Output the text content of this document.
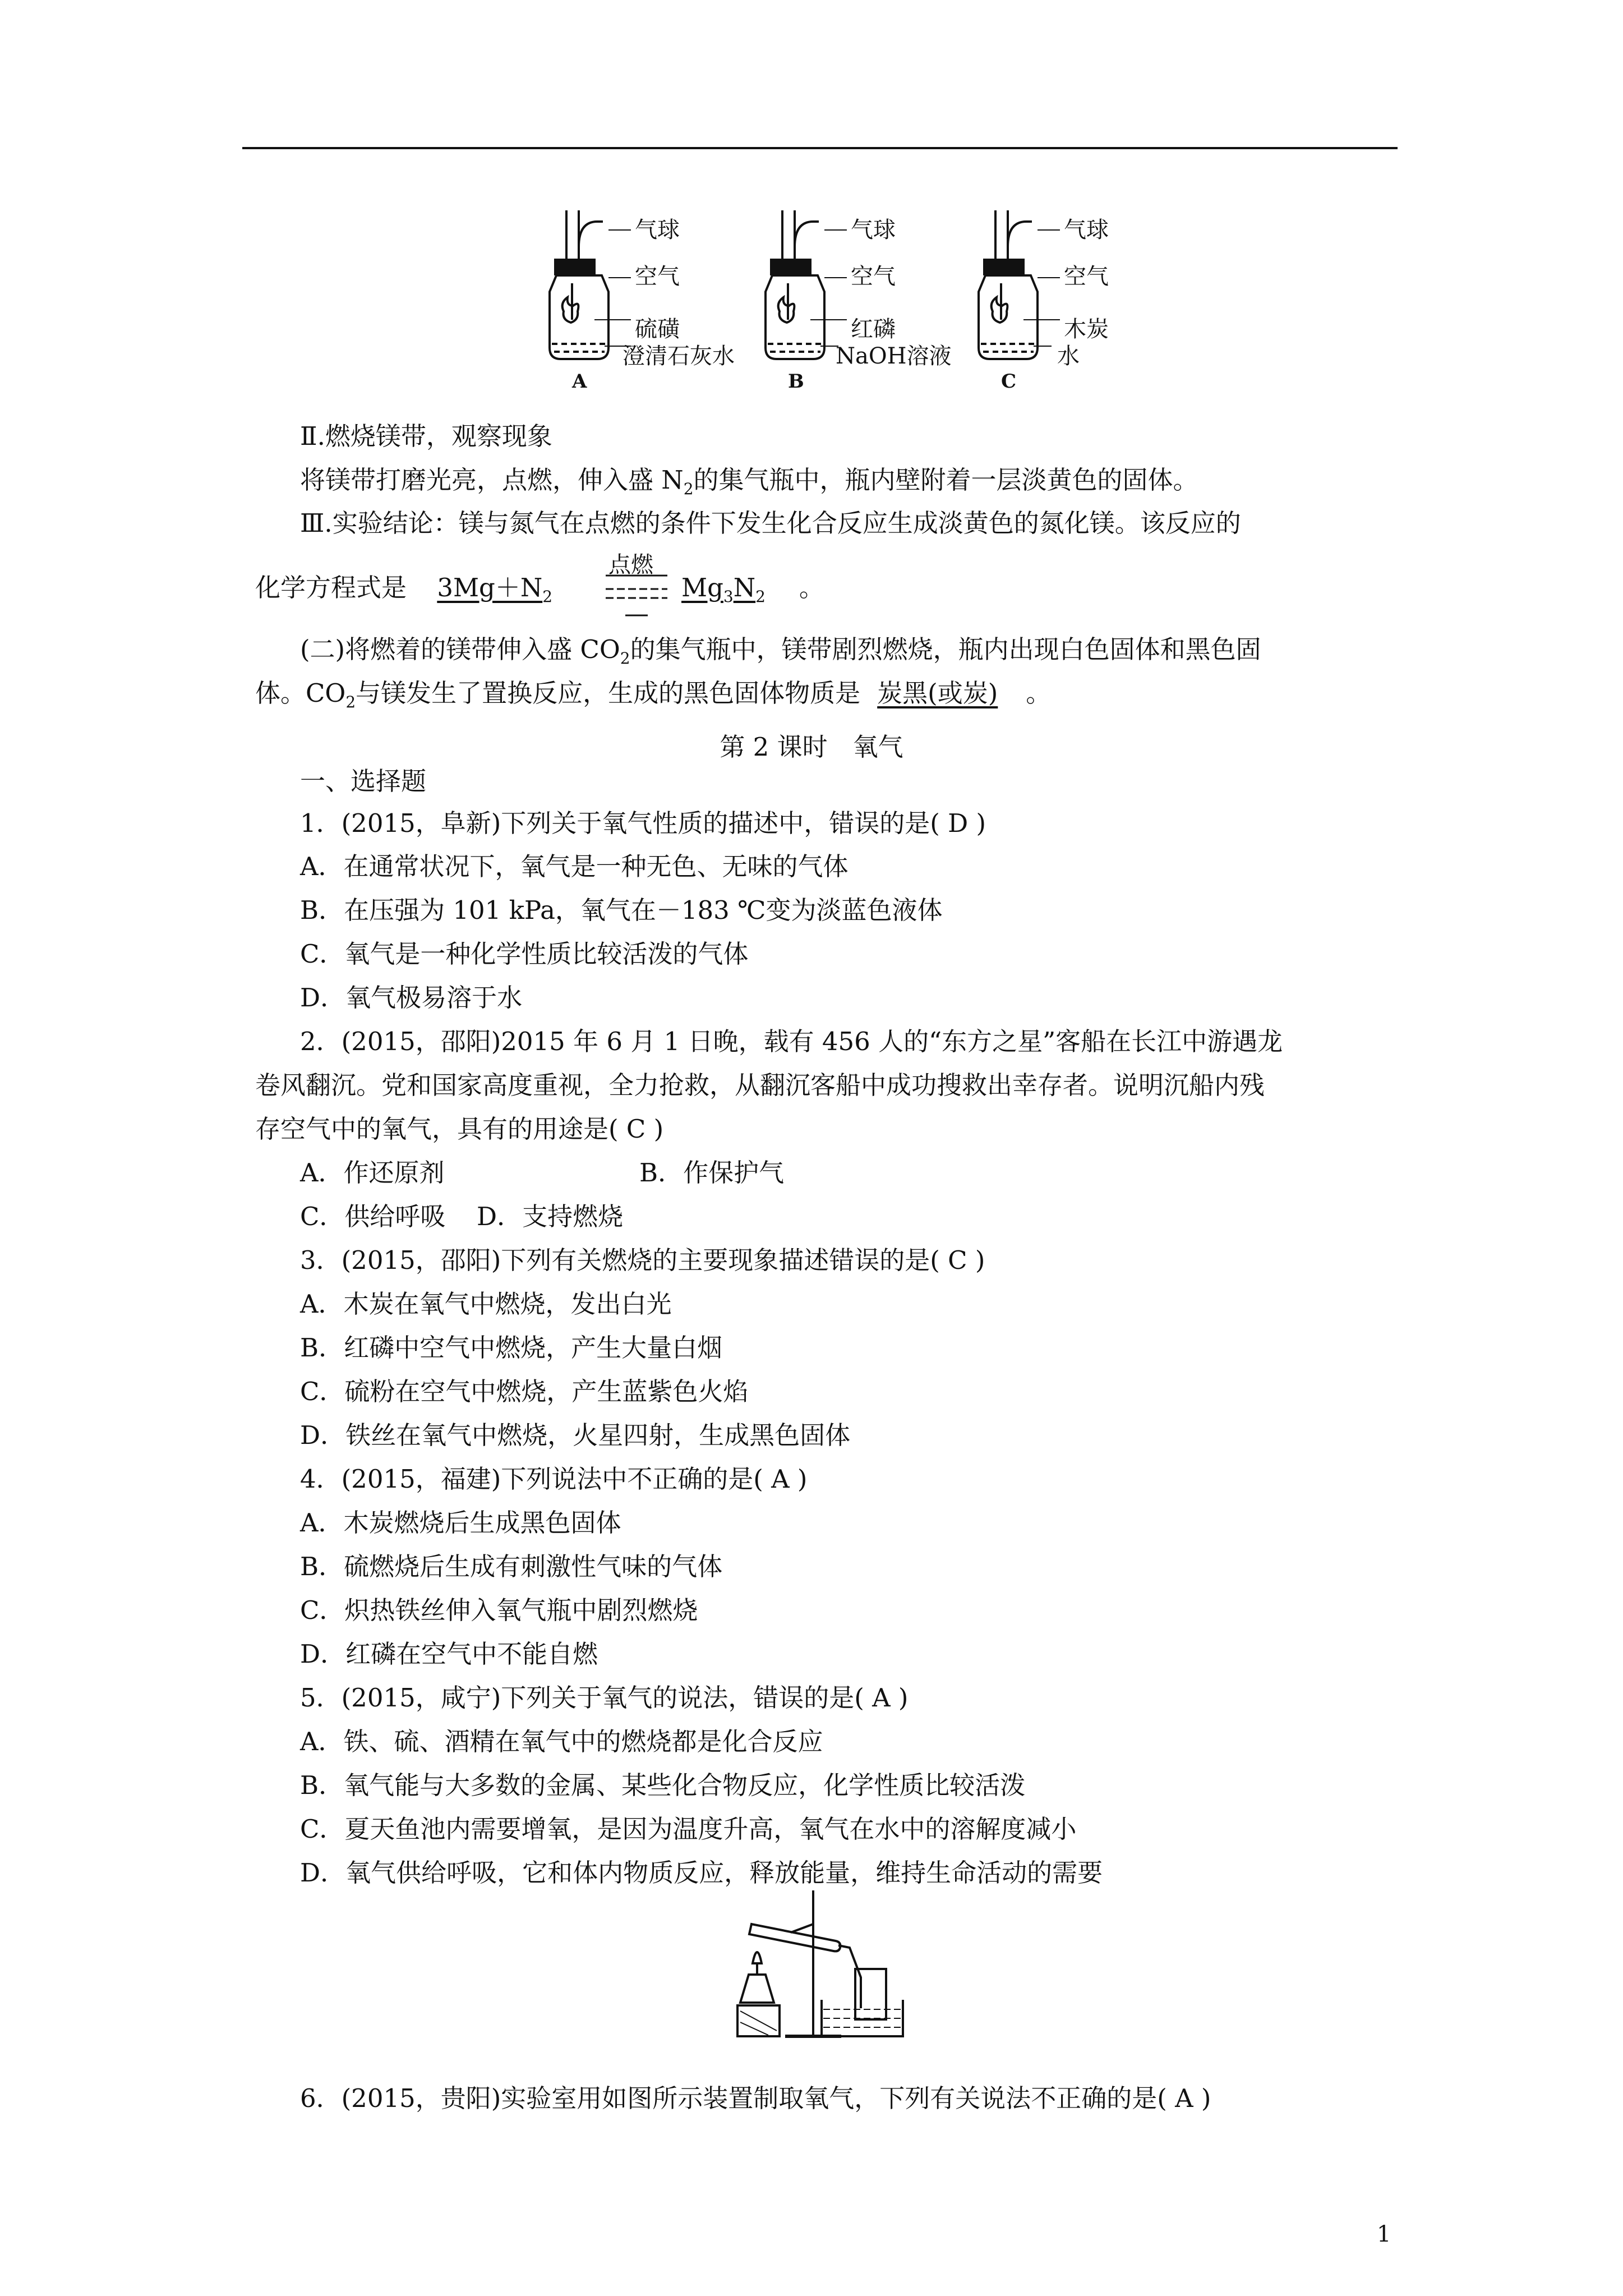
气球
空气
硫磺
澄清石灰水
A
气球
空气
红磷
NaOH溶液
B
气球
空气
木炭
水
C
Ⅱ.燃烧镁带，观察现象
将镁带打磨光亮，点燃，伸入盛 $N_2$的集气瓶中，瓶内壁附着一层淡黄色的固体。
Ⅲ.实验结论：镁与氮气在点燃的条件下发生化合反应生成淡黄色的氮化镁。该反应的
化学方程式是 $3Mg+N_2$
点燃
$Mg_3N_2$ 。
(二)将燃着的镁带伸入盛 $CO_2$的集气瓶中，镁带剧烈燃烧，瓶内出现白色固体和黑色固
体。$CO_2$与镁发生了置换反应，生成的黑色固体物质是 炭黑(或炭) 。
第 2 课时　氧气
一、选择题
1．(2015，阜新)下列关于氧气性质的描述中，错误的是( D )
A．在通常状况下，氧气是一种无色、无味的气体
B．在压强为 101 kPa，氧气在－183 ℃变为淡蓝色液体
C．氧气是一种化学性质比较活泼的气体
D．氧气极易溶于水
2．(2015，邵阳)2015 年 6 月 1 日晚，载有 456 人的“东方之星”客船在长江中游遇龙
卷风翻沉。党和国家高度重视，全力抢救，从翻沉客船中成功搜救出幸存者。说明沉船内残
存空气中的氧气，具有的用途是( C )
A．作还原剂	B．作保护气
C．供给呼吸 D．支持燃烧
3．(2015，邵阳)下列有关燃烧的主要现象描述错误的是( C )
A．木炭在氧气中燃烧，发出白光
B．红磷中空气中燃烧，产生大量白烟
C．硫粉在空气中燃烧，产生蓝紫色火焰
D．铁丝在氧气中燃烧，火星四射，生成黑色固体
4．(2015，福建)下列说法中不正确的是( A )
A．木炭燃烧后生成黑色固体
B．硫燃烧后生成有刺激性气味的气体
C．炽热铁丝伸入氧气瓶中剧烈燃烧
D．红磷在空气中不能自燃
5．(2015，咸宁)下列关于氧气的说法，错误的是( A )
A．铁、硫、酒精在氧气中的燃烧都是化合反应
B．氧气能与大多数的金属、某些化合物反应，化学性质比较活泼
C．夏天鱼池内需要增氧，是因为温度升高，氧气在水中的溶解度减小
D．氧气供给呼吸，它和体内物质反应，释放能量，维持生命活动的需要
6．(2015，贵阳)实验室用如图所示装置制取氧气，下列有关说法不正确的是( A )
1
